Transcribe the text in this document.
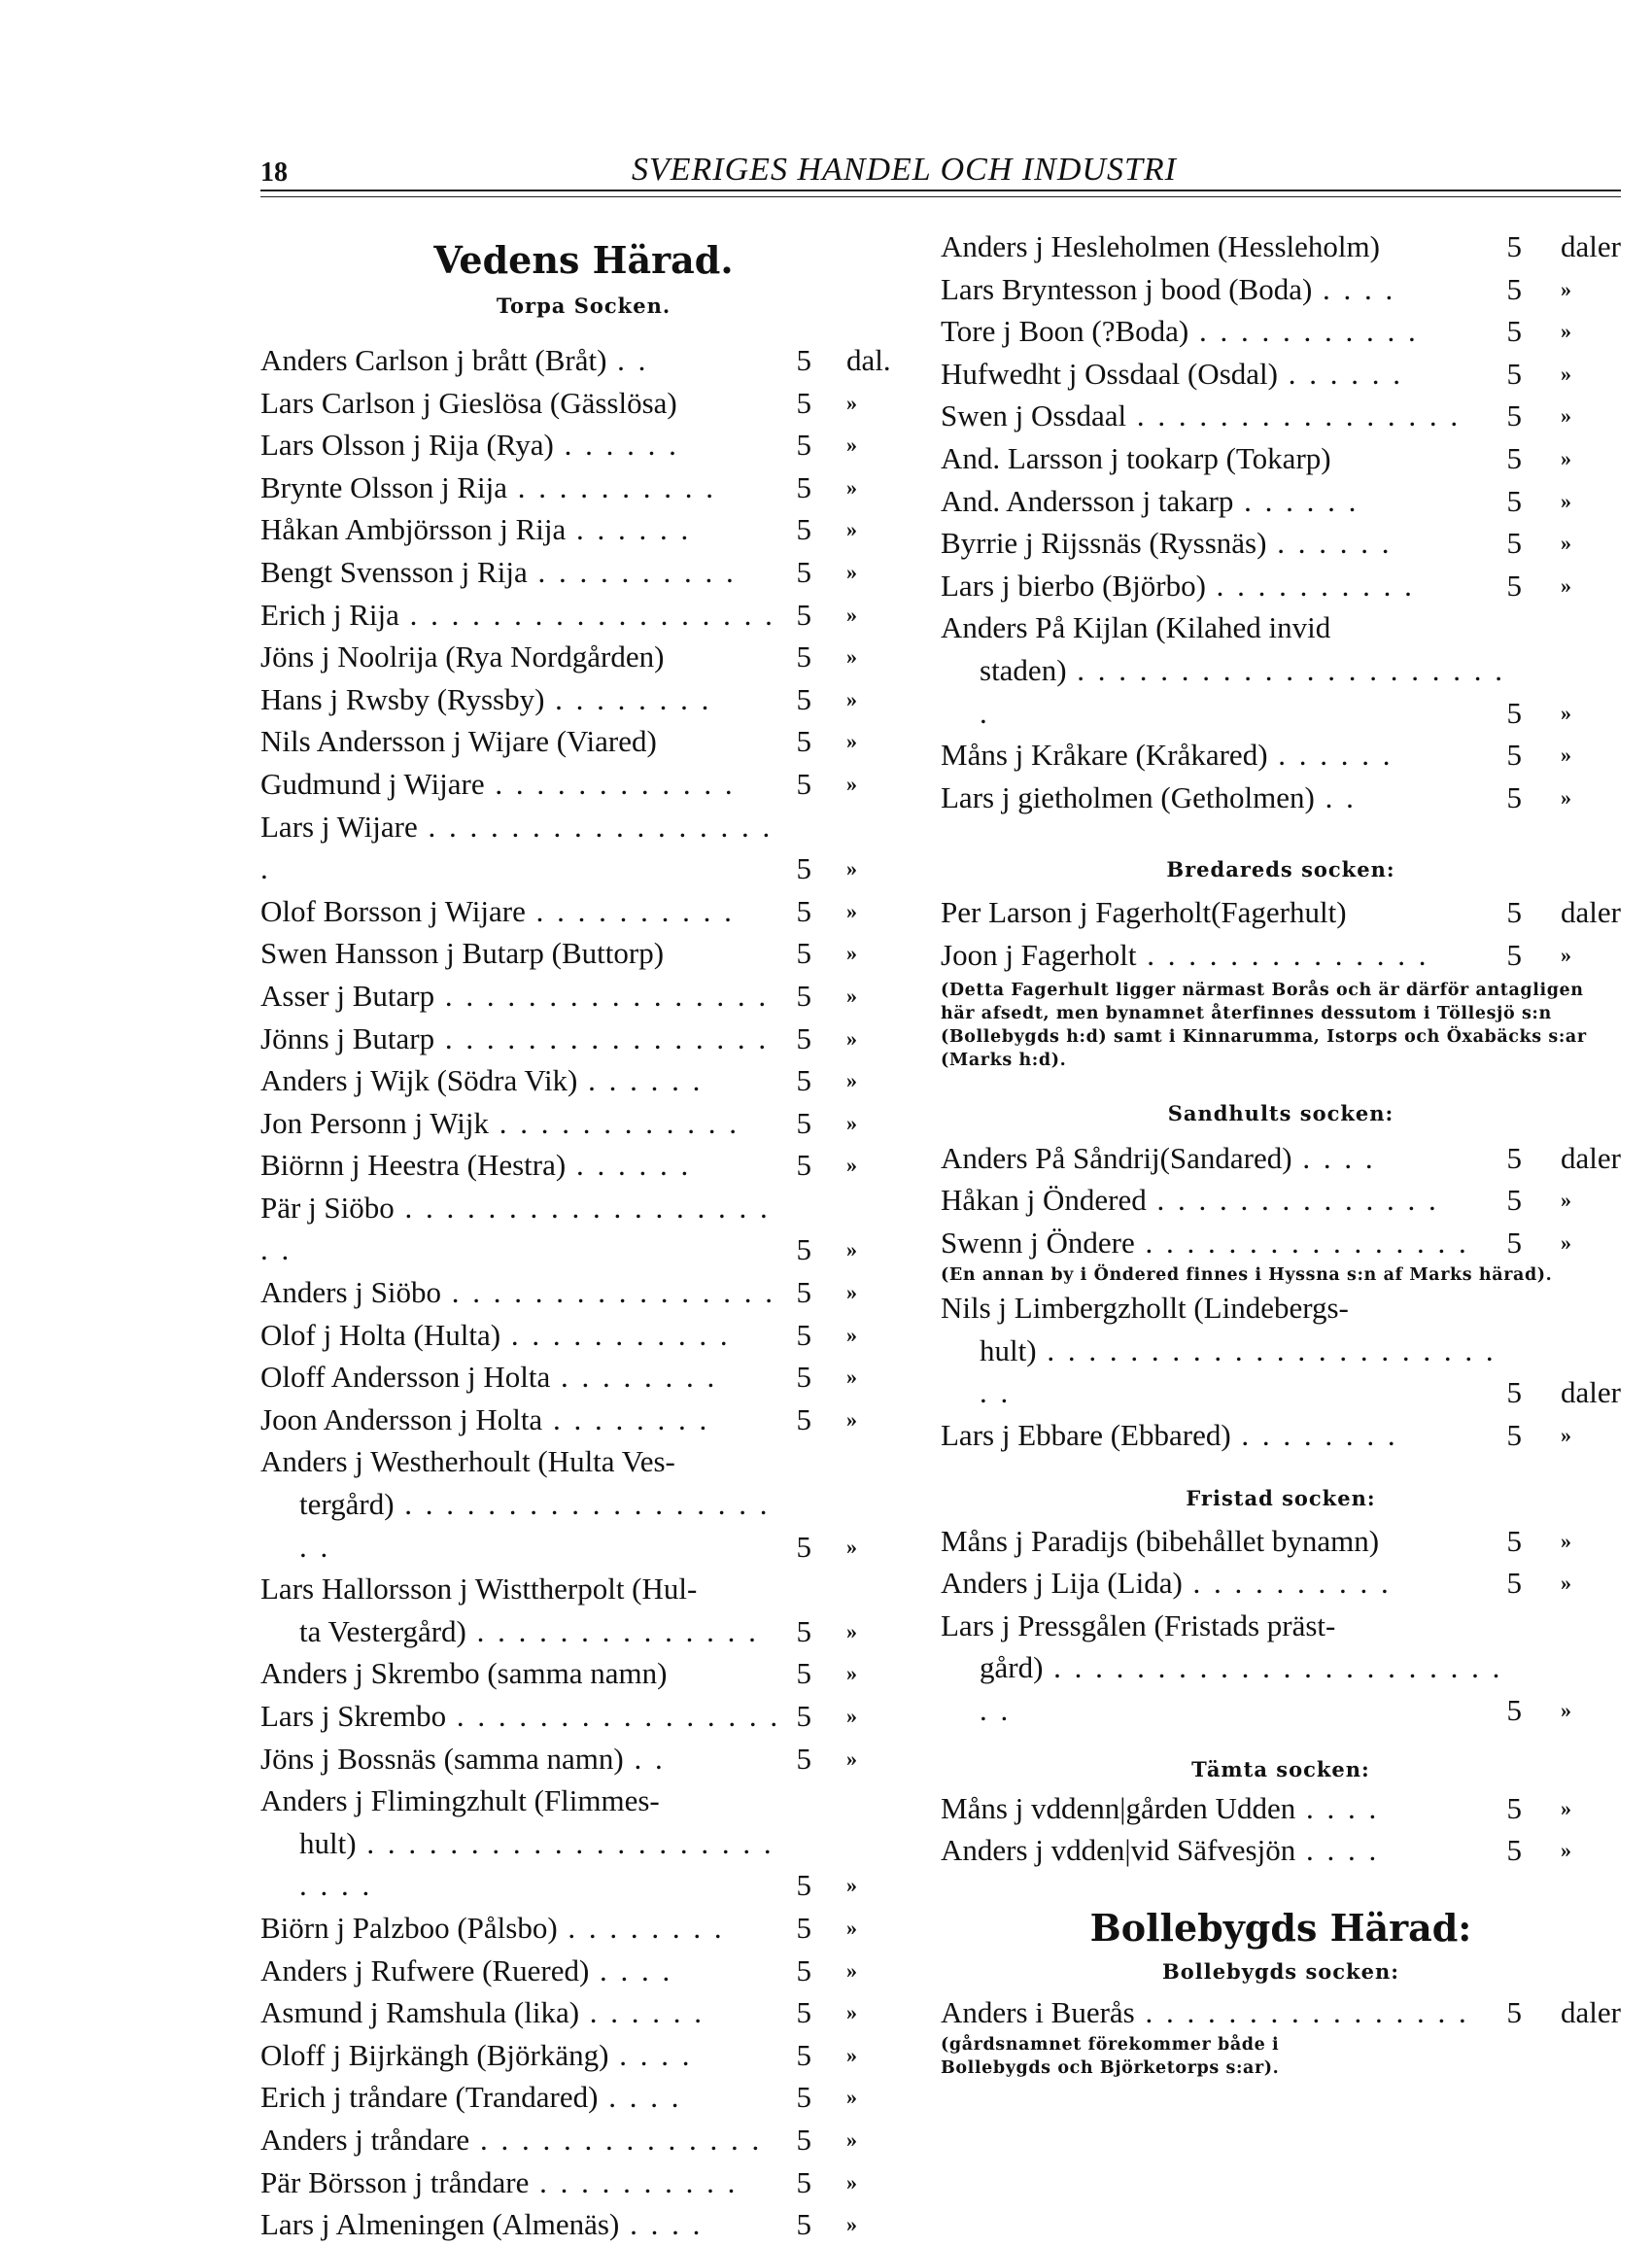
18	SVERIGES HANDEL OCH INDUSTRI
Vedens Härad.
Torpa Socken.
Anders Carlson j brått (Bråt) . .	5 dal.
Lars Carlson j Gieslösa (Gässlösa)	5 »
Lars Olsson j Rija (Rya) . . . . . .	5 »
Brynte Olsson j Rija . . . . . . . . . .	5 »
Håkan Ambjörsson j Rija . . . . . .	5 »
Bengt Svensson j Rija . . . . . . . . . . 5 »
Erich j Rija . . . . . . . . . . . . . . . . . . 5 »
Jöns j Noolrija (Rya Nordgården)	5 »
Hans j Rwsby (Ryssby) . . . . . . . .	5 »
Nils Andersson j Wijare (Viared)	5 »
Gudmund j Wijare . . . . . . . . . . . . 5 »
Lars j Wijare . . . . . . . . . . . . . . . . . .	5 »
Olof Borsson j Wijare . . . . . . . . . . 5 »
Swen Hansson j Butarp (Buttorp)	5 »
Asser j Butarp . . . . . . . . . . . . . . . . 5 »
Jönns j Butarp . . . . . . . . . . . . . . . . 5 »
Anders j Wijk (Södra Vik) . . . . . .	5 »
Jon Personn j Wijk . . . . . . . . . . . . 5 »
Biörnn j Heestra (Hestra) . . . . . .	5 »
Pär j Siöbo . . . . . . . . . . . . . . . . . . . .	5 »
Anders j Siöbo . . . . . . . . . . . . . . . . 5 »
Olof j Holta (Hulta) . . . . . . . . . . . 5 »
Oloff Andersson j Holta . . . . . . . .	5 »
Joon Andersson j Holta . . . . . . . .	5 »
Anders j Westherhoult (Hulta Ves-
tergård) . . . . . . . . . . . . . . . . . . . .	5 »
Lars Hallorsson j Wisttherpolt (Hul-
ta Vestergård) . . . . . . . . . . . . . . 5 »
Anders j Skrembo (samma namn)	5 »
Lars j Skrembo . . . . . . . . . . . . . . . . 5 »
Jöns j Bossnäs (samma namn) . .	5 »
Anders j Flimingzhult (Flimmes-
hult) . . . . . . . . . . . . . . . . . . . . . . . .	5 »
Biörn j Palzboo (Pålsbo) . . . . . . . . 5 »
Anders j Rufwere (Ruered) . . . .	5 »
Asmund j Ramshula (lika) . . . . . .	5 »
Oloff j Bijrkängh (Björkäng) . . . .	5 »
Erich j tråndare (Trandared) . . . .	5 »
Anders j tråndare . . . . . . . . . . . . . . 5 »
Pär Börsson j tråndare . . . . . . . . . . 5 »
Lars j Almeningen (Almenäs) . . . .	5 »
Anders j Hesleholmen (Hessleholm)	5 daler
Lars Bryntesson j bood (Boda) . . . .	5 »
Tore j Boon (?Boda) . . . . . . . . . . .	5 »
Hufwedht j Ossdaal (Osdal) . . . . . .	5 »
Swen j Ossdaal . . . . . . . . . . . . . . . . 5 »
And. Larsson j tookarp (Tokarp)	5 »
And. Andersson j takarp . . . . . .	5 »
Byrrie j Rijssnäs (Ryssnäs) . . . . . .	5 »
Lars j bierbo (Björbo) . . . . . . . . . .	5 »
Anders På Kijlan (Kilahed invid
staden) . . . . . . . . . . . . . . . . . . . . . .	5 »
Måns j Kråkare (Kråkared) . . . . . .	5 »
Lars j gietholmen (Getholmen) . .	5 »
Bredareds socken:
Per Larson j Fagerholt(Fagerhult)	5 daler
Joon j Fagerholt . . . . . . . . . . . . . .	5 »
(Detta Fagerhult ligger närmast Borås och är därför antagligen här afsedt, men bynamnet återfinnes dessutom i Töllesjö s:n (Bollebygds h:d) samt i Kinnarumma, Istorps och Öxabäcks s:ar (Marks h:d).
Sandhults socken:
Anders På Såndrij(Sandared) . . . .	5 daler
Håkan j Öndered . . . . . . . . . . . . . . 5 »
Swenn j Öndere . . . . . . . . . . . . . . . . 5 »
(En annan by i Öndered finnes i Hyssna s:n af Marks härad).
Nils j Limbergzhollt (Lindebergs-
hult) . . . . . . . . . . . . . . . . . . . . . . . .	5 daler
Lars j Ebbare (Ebbared) . . . . . . . .	5 »
Fristad socken:
Måns j Paradijs (bibehållet bynamn)	5 »
Anders j Lija (Lida) . . . . . . . . . .	5 »
Lars j Pressgålen (Fristads präst-
gård) . . . . . . . . . . . . . . . . . . . . . . . .	5 »
Tämta socken:
Måns j vddenn|gården Udden . . . .	5 »
Anders j vdden|vid Säfvesjön . . . .	5 »
Bollebygds Härad:
Bollebygds socken:
Anders i Buerås . . . . . . . . . . . . . . . . 5 daler
(gårdsnamnet förekommer både i Bollebygds och Björketorps s:ar).
